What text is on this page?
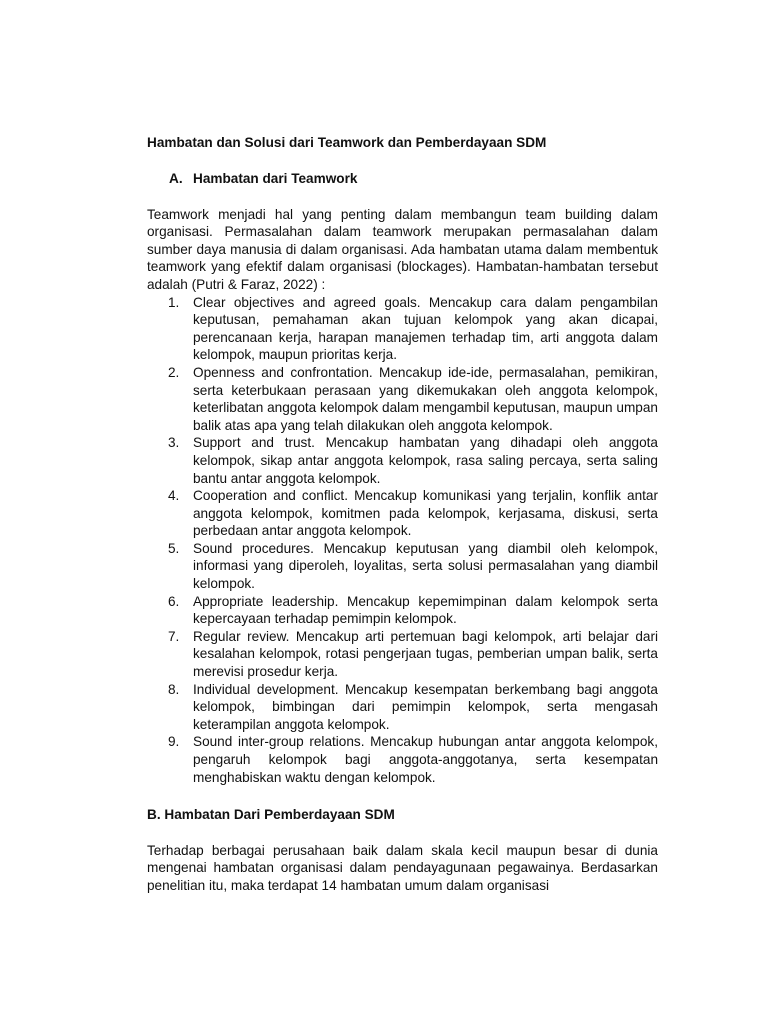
Hambatan dan Solusi dari Teamwork dan Pemberdayaan SDM

A. Hambatan dari Teamwork

Teamwork menjadi hal yang penting dalam membangun team building dalam organisasi. Permasalahan dalam teamwork merupakan permasalahan dalam sumber daya manusia di dalam organisasi. Ada hambatan utama dalam membentuk teamwork yang efektif dalam organisasi (blockages). Hambatan-hambatan tersebut adalah (Putri & Faraz, 2022) :

1.	Clear objectives and agreed goals. Mencakup cara dalam pengambilan keputusan, pemahaman akan tujuan kelompok yang akan dicapai, perencanaan kerja, harapan manajemen terhadap tim, arti anggota dalam kelompok, maupun prioritas kerja.
2.	Openness and confrontation. Mencakup ide-ide, permasalahan, pemikiran, serta keterbukaan perasaan yang dikemukakan oleh anggota kelompok, keterlibatan anggota kelompok dalam mengambil keputusan, maupun umpan balik atas apa yang telah dilakukan oleh anggota kelompok.
3.	Support and trust. Mencakup hambatan yang dihadapi oleh anggota kelompok, sikap antar anggota kelompok, rasa saling percaya, serta saling bantu antar anggota kelompok.
4.	Cooperation and conflict. Mencakup komunikasi yang terjalin, konflik antar anggota kelompok, komitmen pada kelompok, kerjasama, diskusi, serta perbedaan antar anggota kelompok.
5.	Sound procedures. Mencakup keputusan yang diambil oleh kelompok, informasi yang diperoleh, loyalitas, serta solusi permasalahan yang diambil kelompok.
6.	Appropriate leadership. Mencakup kepemimpinan dalam kelompok serta kepercayaan terhadap pemimpin kelompok.
7.	Regular review. Mencakup arti pertemuan bagi kelompok, arti belajar dari kesalahan kelompok, rotasi pengerjaan tugas, pemberian umpan balik, serta merevisi prosedur kerja.
8.	Individual development. Mencakup kesempatan berkembang bagi anggota kelompok, bimbingan dari pemimpin kelompok, serta mengasah keterampilan anggota kelompok.
9.	Sound inter-group relations. Mencakup hubungan antar anggota kelompok, pengaruh kelompok bagi anggota-anggotanya, serta kesempatan menghabiskan waktu dengan kelompok.

B. Hambatan Dari Pemberdayaan SDM

Terhadap berbagai perusahaan baik dalam skala kecil maupun besar di dunia mengenai hambatan organisasi dalam pendayagunaan pegawainya. Berdasarkan penelitian itu, maka terdapat 14 hambatan umum dalam organisasi
